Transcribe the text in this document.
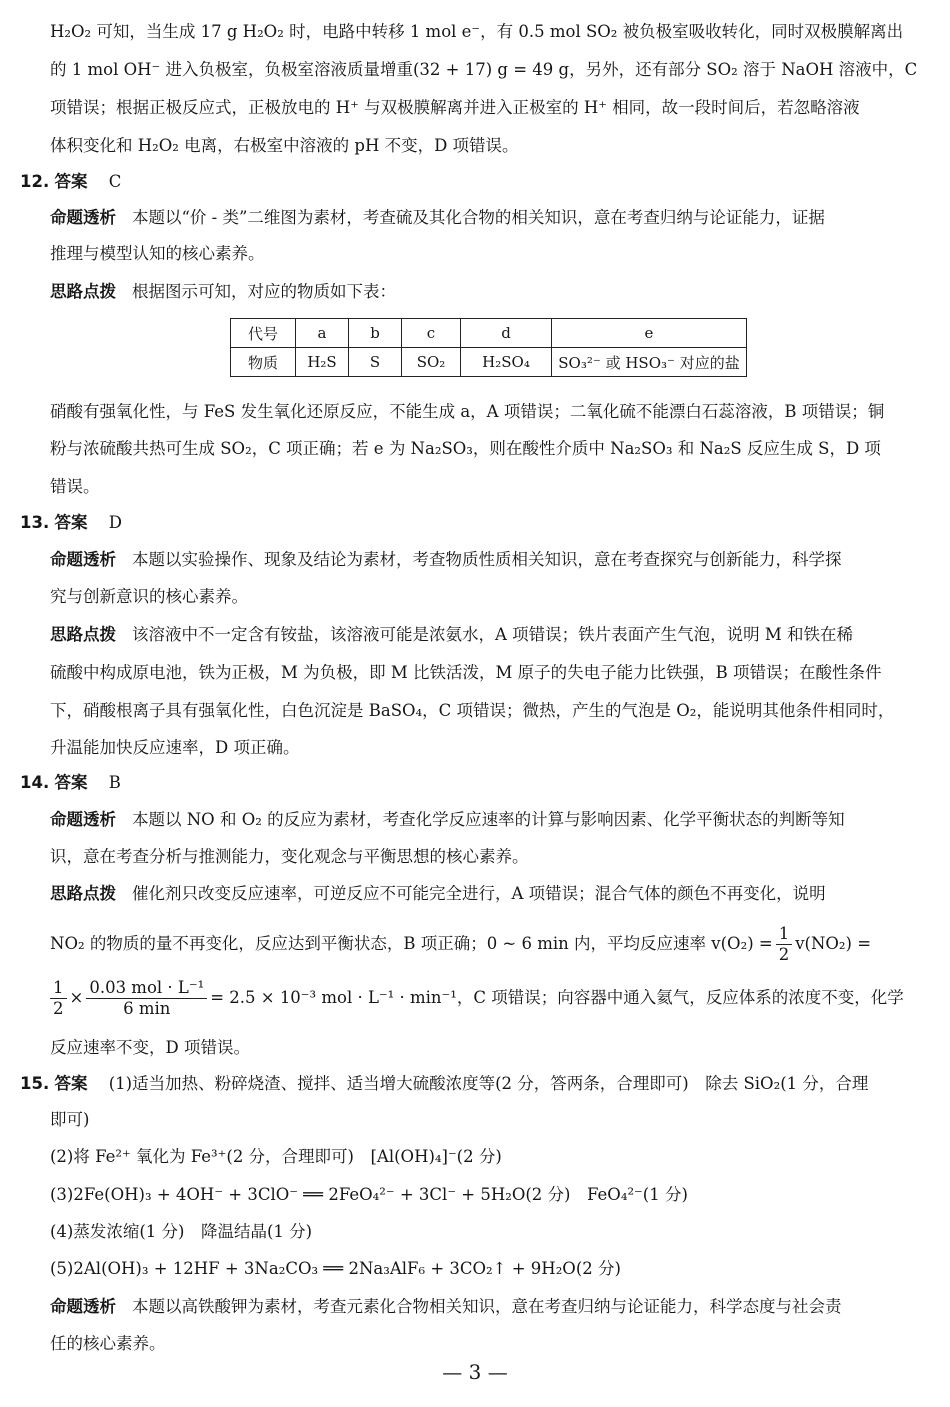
H₂O₂ 可知，当生成 17 g H₂O₂ 时，电路中转移 1 mol e⁻，有 0.5 mol SO₂ 被负极室吸收转化，同时双极膜解离出
的 1 mol OH⁻ 进入负极室，负极室溶液质量增重(32 + 17) g = 49 g，另外，还有部分 SO₂ 溶于 NaOH 溶液中，C
项错误；根据正极反应式，正极放电的 H⁺ 与双极膜解离并进入正极室的 H⁺ 相同，故一段时间后，若忽略溶液
体积变化和 H₂O₂ 电离，右极室中溶液的 pH 不变，D 项错误。
12. 答案 C
命题透析 本题以“价 - 类”二维图为素材，考查硫及其化合物的相关知识，意在考查归纳与论证能力，证据
推理与模型认知的核心素养。
思路点拨 根据图示可知，对应的物质如下表：
代号	a	b	c	d	e
物质	H₂S	S	SO₂	H₂SO₄	SO₃²⁻ 或 HSO₃⁻ 对应的盐
硝酸有强氧化性，与 FeS 发生氧化还原反应，不能生成 a，A 项错误；二氧化硫不能漂白石蕊溶液，B 项错误；铜
粉与浓硫酸共热可生成 SO₂，C 项正确；若 e 为 Na₂SO₃，则在酸性介质中 Na₂SO₃ 和 Na₂S 反应生成 S，D 项
错误。
13. 答案 D
命题透析 本题以实验操作、现象及结论为素材，考查物质性质相关知识，意在考查探究与创新能力，科学探
究与创新意识的核心素养。
思路点拨 该溶液中不一定含有铵盐，该溶液可能是浓氨水，A 项错误；铁片表面产生气泡，说明 M 和铁在稀
硫酸中构成原电池，铁为正极，M 为负极，即 M 比铁活泼，M 原子的失电子能力比铁强，B 项错误；在酸性条件
下，硝酸根离子具有强氧化性，白色沉淀是 BaSO₄，C 项错误；微热，产生的气泡是 O₂，能说明其他条件相同时，
升温能加快反应速率，D 项正确。
14. 答案 B
命题透析 本题以 NO 和 O₂ 的反应为素材，考查化学反应速率的计算与影响因素、化学平衡状态的判断等知
识，意在考查分析与推测能力，变化观念与平衡思想的核心素养。
思路点拨 催化剂只改变反应速率，可逆反应不可能完全进行，A 项错误；混合气体的颜色不再变化，说明
NO₂ 的物质的量不再变化，反应达到平衡状态，B 项正确；0 ~ 6 min 内，平均反应速率 $v(O_2) = \frac{1}{2} v(NO_2)$ =
$\frac{1}{2} \times \frac{\text{0.03 mol · L⁻¹}}{6 \min} = 2.5 \times 10^{-3}$ mol · L⁻¹ · min⁻¹，C 项错误；向容器中通入氦气，反应体系的浓度不变，化学
反应速率不变，D 项错误。
15. 答案 (1)适当加热、粉碎烧渣、搅拌、适当增大硫酸浓度等(2 分，答两条，合理即可)　除去 SiO₂(1 分，合理
即可)
(2)将 Fe²⁺ 氧化为 Fe³⁺(2 分，合理即可)　[Al(OH)₄]⁻(2 分)
(3)2Fe(OH)₃ + 4OH⁻ + 3ClO⁻ ══ 2FeO₄²⁻ + 3Cl⁻ + 5H₂O(2 分)　FeO₄²⁻(1 分)
(4)蒸发浓缩(1 分)　降温结晶(1 分)
(5)2Al(OH)₃ + 12HF + 3Na₂CO₃ ══ 2Na₃AlF₆ + 3CO₂↑ + 9H₂O(2 分)
命题透析 本题以高铁酸钾为素材，考查元素化合物相关知识，意在考查归纳与论证能力，科学态度与社会责
任的核心素养。
— 3 —
